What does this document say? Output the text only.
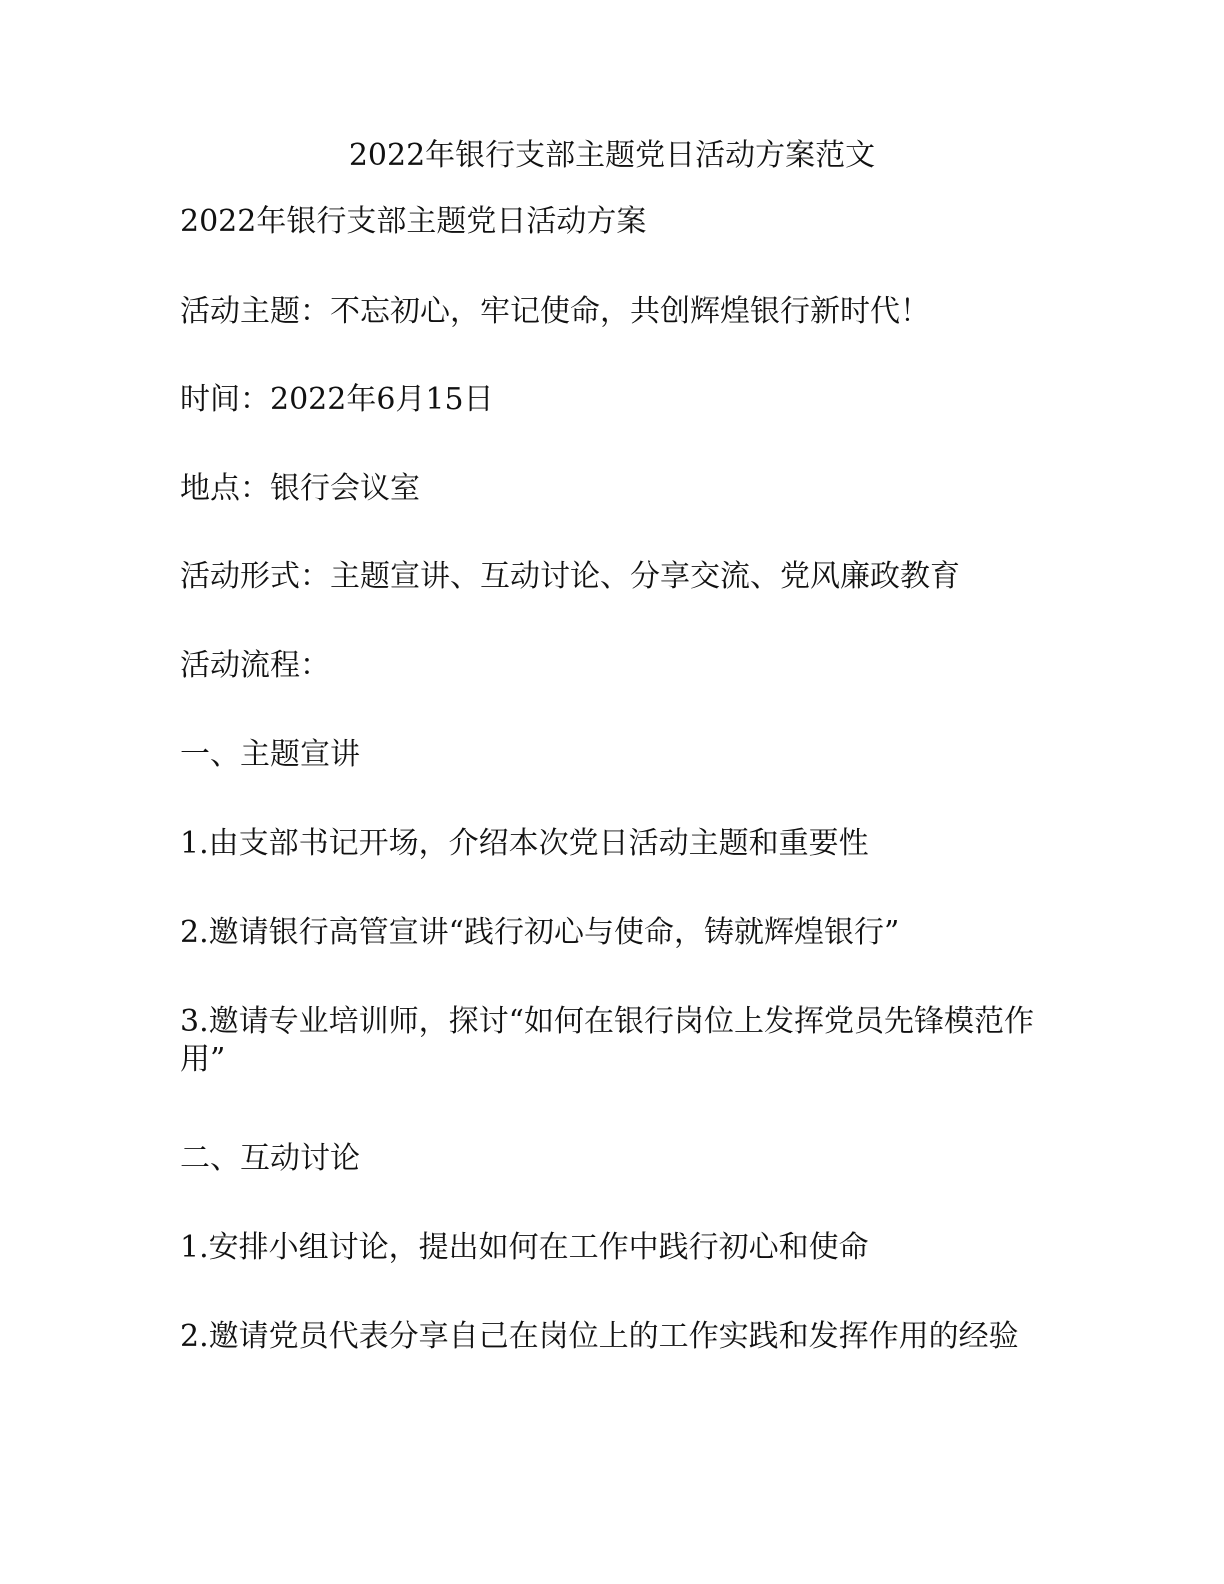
2022年银行支部主题党日活动方案范文

2022年银行支部主题党日活动方案

活动主题：不忘初心，牢记使命，共创辉煌银行新时代！

时间：2022年6月15日

地点：银行会议室

活动形式：主题宣讲、互动讨论、分享交流、党风廉政教育

活动流程：

一、主题宣讲

1.由支部书记开场，介绍本次党日活动主题和重要性

2.邀请银行高管宣讲“践行初心与使命，铸就辉煌银行”

3.邀请专业培训师，探讨“如何在银行岗位上发挥党员先锋模范作用”

二、互动讨论

1.安排小组讨论，提出如何在工作中践行初心和使命

2.邀请党员代表分享自己在岗位上的工作实践和发挥作用的经验
